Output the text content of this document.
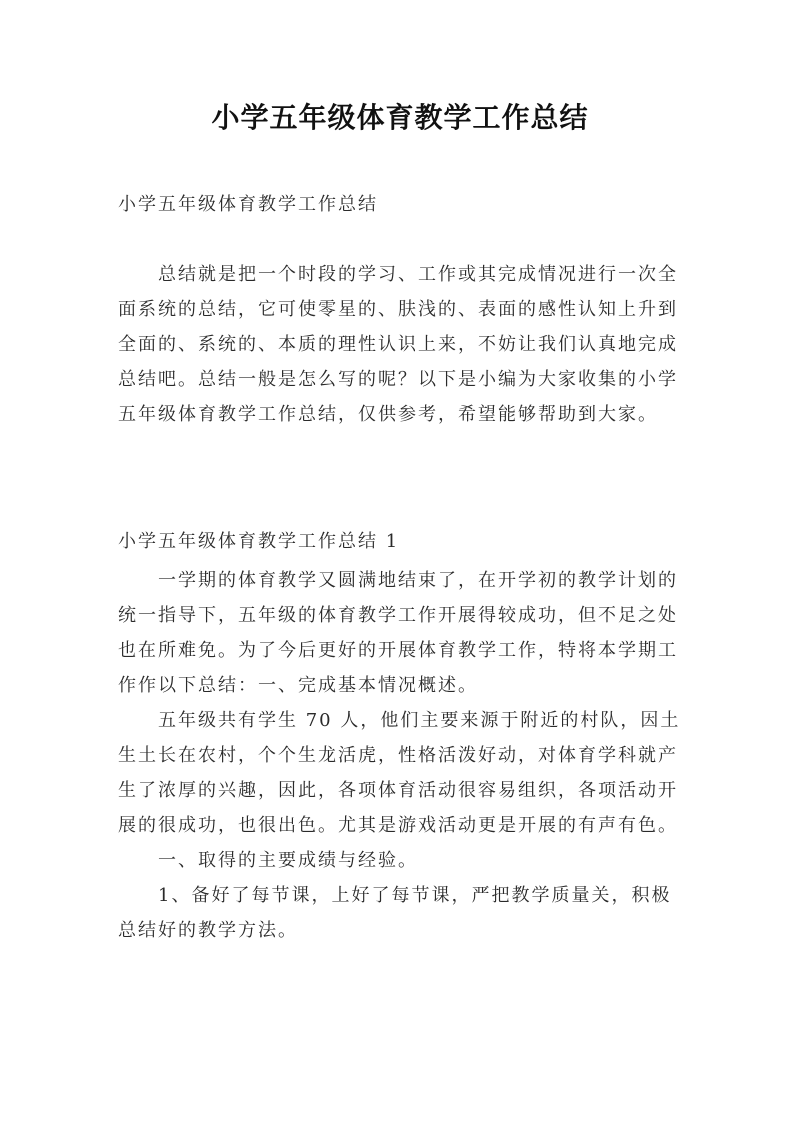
小学五年级体育教学工作总结
小学五年级体育教学工作总结

总结就是把一个时段的学习、工作或其完成情况进行一次全面系统的总结，它可使零星的、肤浅的、表面的感性认知上升到全面的、系统的、本质的理性认识上来，不妨让我们认真地完成总结吧。总结一般是怎么写的呢？以下是小编为大家收集的小学五年级体育教学工作总结，仅供参考，希望能够帮助到大家。

小学五年级体育教学工作总结 1

一学期的体育教学又圆满地结束了，在开学初的教学计划的统一指导下，五年级的体育教学工作开展得较成功，但不足之处也在所难免。为了今后更好的开展体育教学工作，特将本学期工作作以下总结：一、完成基本情况概述。

五年级共有学生 70 人，他们主要来源于附近的村队，因土生土长在农村，个个生龙活虎，性格活泼好动，对体育学科就产生了浓厚的兴趣，因此，各项体育活动很容易组织，各项活动开展的很成功，也很出色。尤其是游戏活动更是开展的有声有色。

一、取得的主要成绩与经验。

1、备好了每节课，上好了每节课，严把教学质量关，积极总结好的教学方法。
